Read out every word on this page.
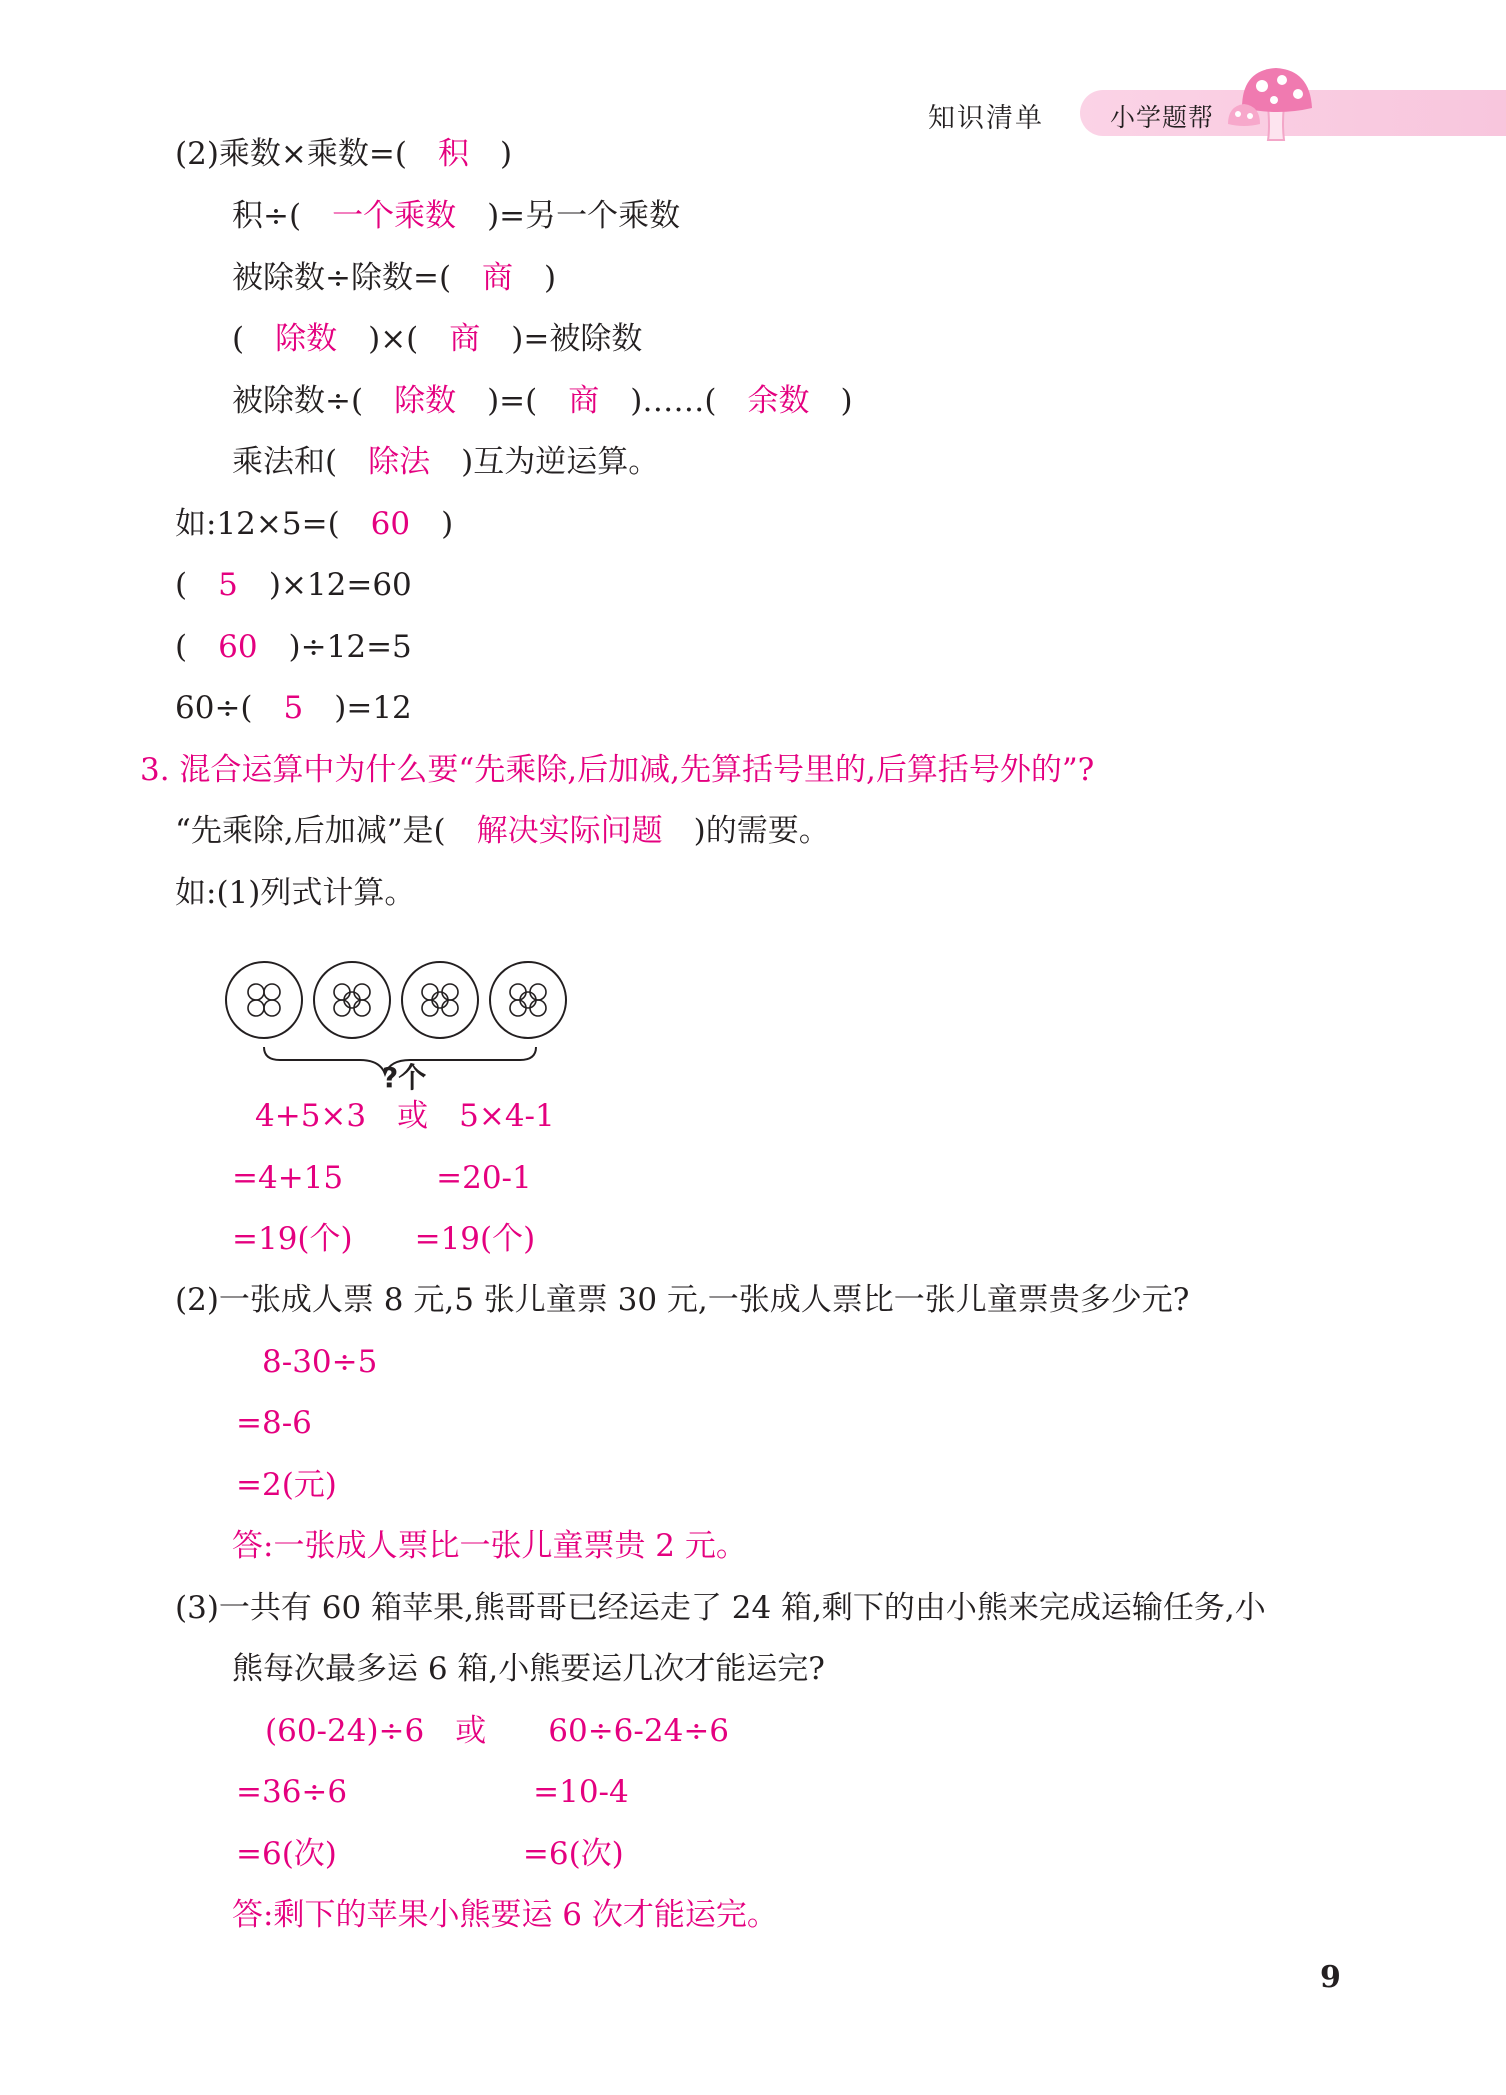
知识清单	小学题帮
(2)乘数×乘数=(　积　)
积÷(　一个乘数　)=另一个乘数
被除数÷除数=(　商　)
(　除数　)×(　商　)=被除数
被除数÷(　除数　)=(　商　)……(　余数　)
乘法和(　除法　)互为逆运算。
如:12×5=(　60　)
(　5　)×12=60
(　60　)÷12=5
60÷(　5　)=12
3. 混合运算中为什么要“先乘除,后加减,先算括号里的,后算括号外的”?
“先乘除,后加减”是(　解决实际问题　)的需要。
如:(1)列式计算。
4+5×3　或　5×4-1
=4+15　　　=20-1
=19(个)　　=19(个)
(2)一张成人票 8 元,5 张儿童票 30 元,一张成人票比一张儿童票贵多少元?
8-30÷5
=8-6
=2(元)
答:一张成人票比一张儿童票贵 2 元。
(3)一共有 60 箱苹果,熊哥哥已经运走了 24 箱,剩下的由小熊来完成运输任务,小
熊每次最多运 6 箱,小熊要运几次才能运完?
(60-24)÷6　或　　60÷6-24÷6
=36÷6　　　　　　=10-4
=6(次)　　　　　　=6(次)
答:剩下的苹果小熊要运 6 次才能运完。
?个
9
